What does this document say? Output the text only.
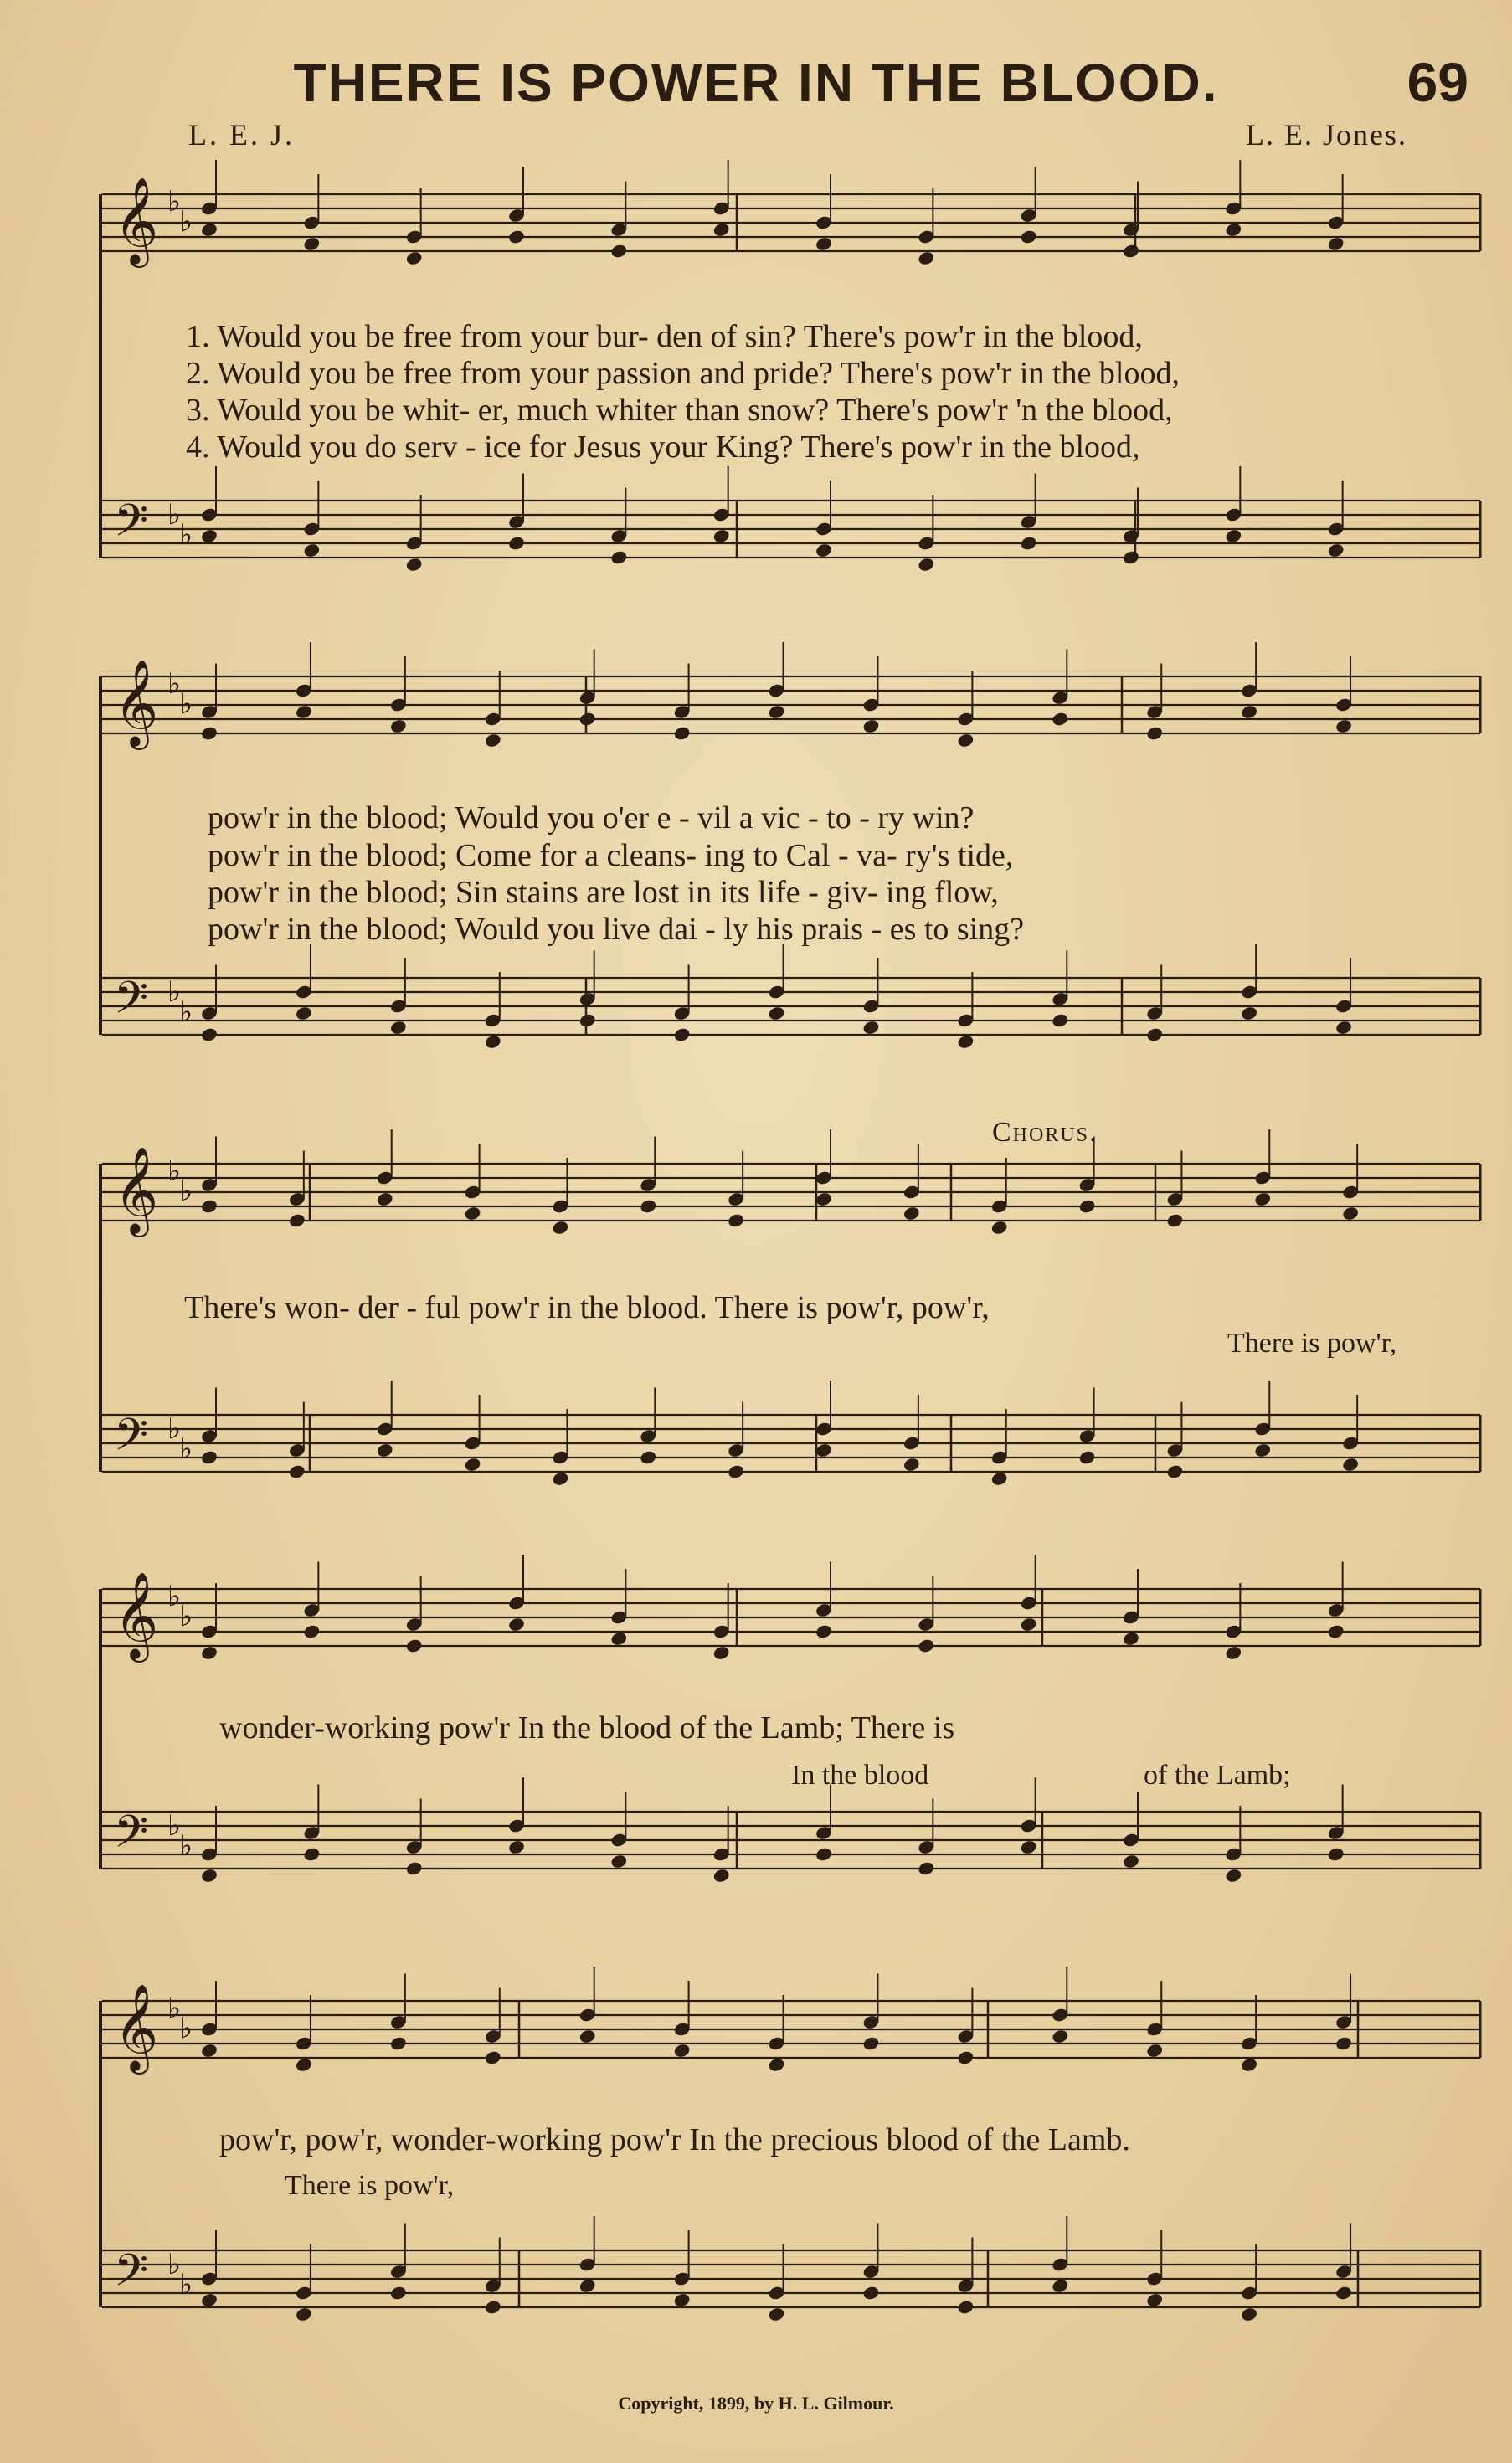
THERE IS POWER IN THE BLOOD.	69
L. E. J.	L. E. Jones.
𝄞 ♭
♭
𝄢 ♭
♭
𝄞 ♭
♭
𝄢 ♭
♭
𝄞 ♭
♭
𝄢 ♭
♭
𝄞 ♭
♭
𝄢 ♭
♭
𝄞 ♭
♭
𝄢 ♭
♭
1. Would you be free from your bur- den of sin? There's pow'r in the blood,
2. Would you be free from your passion and pride? There's pow'r in the blood,
3. Would you be whit- er, much whiter than snow? There's pow'r 'n the blood,
4. Would you do serv - ice for Jesus your King? There's pow'r in the blood,
pow'r in the blood; Would you o'er e - vil a vic - to - ry win?
pow'r in the blood; Come for a cleans- ing to Cal - va- ry's tide,
pow'r in the blood; Sin stains are lost in its life - giv- ing flow,
pow'r in the blood; Would you live dai - ly his prais - es to sing?
Chorus.
There's won- der - ful pow'r in the blood. There is pow'r, pow'r,
There is pow'r,
wonder-working pow'r In the blood of the Lamb; There is
In the blood	of the Lamb;
pow'r, pow'r, wonder-working pow'r In the precious blood of the Lamb.
There is pow'r,
Copyright, 1899, by H. L. Gilmour.
